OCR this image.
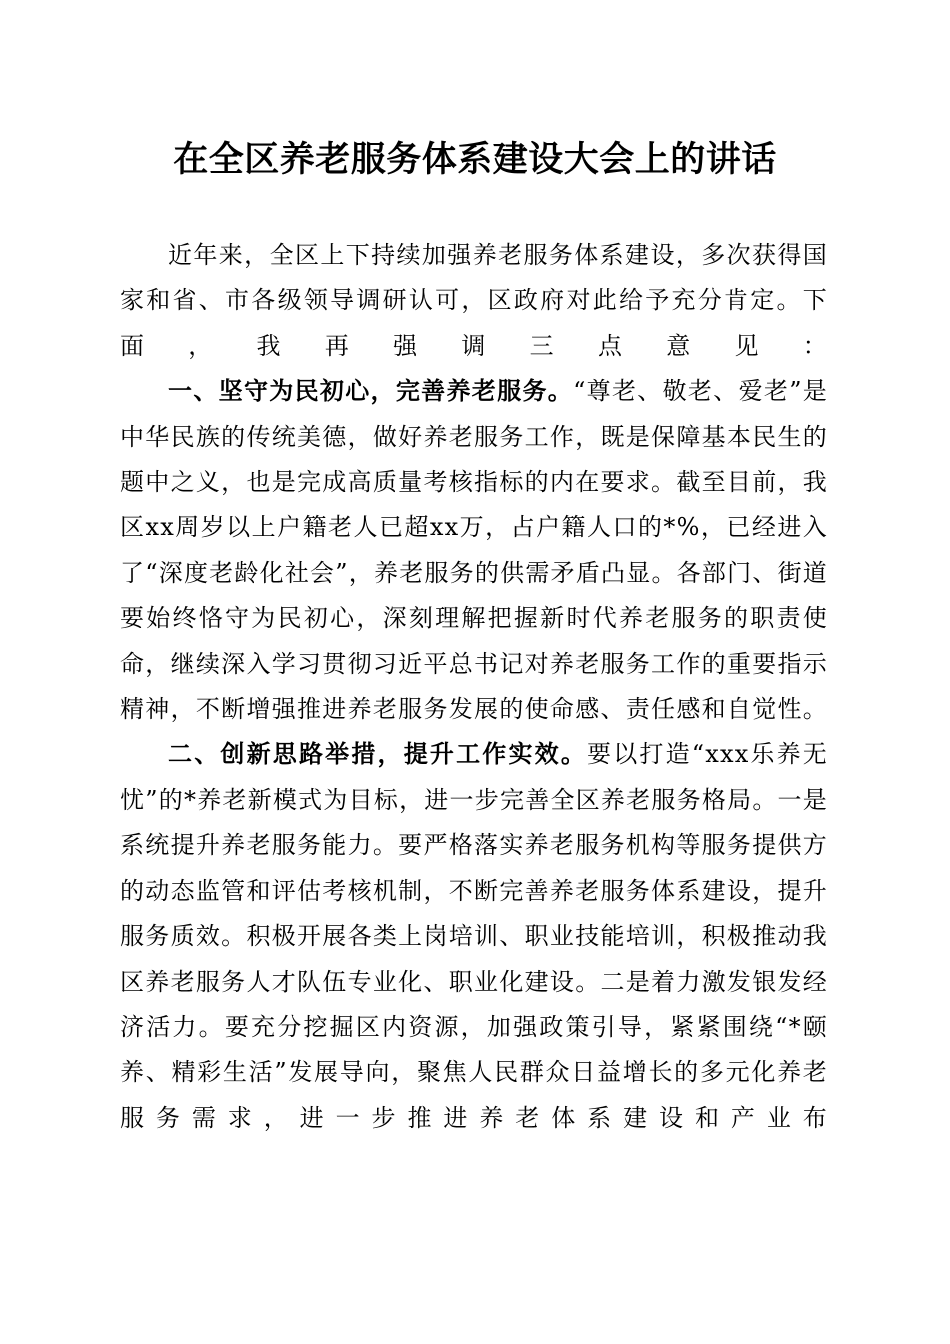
在全区养老服务体系建设大会上的讲话

近年来，全区上下持续加强养老服务体系建设，多次获得国家和省、市各级领导调研认可，区政府对此给予充分肯定。下面，我再强调三点意见：

一、坚守为民初心，完善养老服务。“尊老、敬老、爱老”是中华民族的传统美德，做好养老服务工作，既是保障基本民生的题中之义，也是完成高质量考核指标的内在要求。截至目前，我区xx周岁以上户籍老人已超xx万，占户籍人口的*%，已经进入了“深度老龄化社会”，养老服务的供需矛盾凸显。各部门、街道要始终恪守为民初心，深刻理解把握新时代养老服务的职责使命，继续深入学习贯彻习近平总书记对养老服务工作的重要指示精神，不断增强推进养老服务发展的使命感、责任感和自觉性。

二、创新思路举措，提升工作实效。要以打造“xxx乐养无忧”的*养老新模式为目标，进一步完善全区养老服务格局。一是系统提升养老服务能力。要严格落实养老服务机构等服务提供方的动态监管和评估考核机制，不断完善养老服务体系建设，提升服务质效。积极开展各类上岗培训、职业技能培训，积极推动我区养老服务人才队伍专业化、职业化建设。二是着力激发银发经济活力。要充分挖掘区内资源，加强政策引导，紧紧围绕“*颐养、精彩生活”发展导向，聚焦人民群众日益增长的多元化养老服务需求，进一步推进养老体系建设和产业布
